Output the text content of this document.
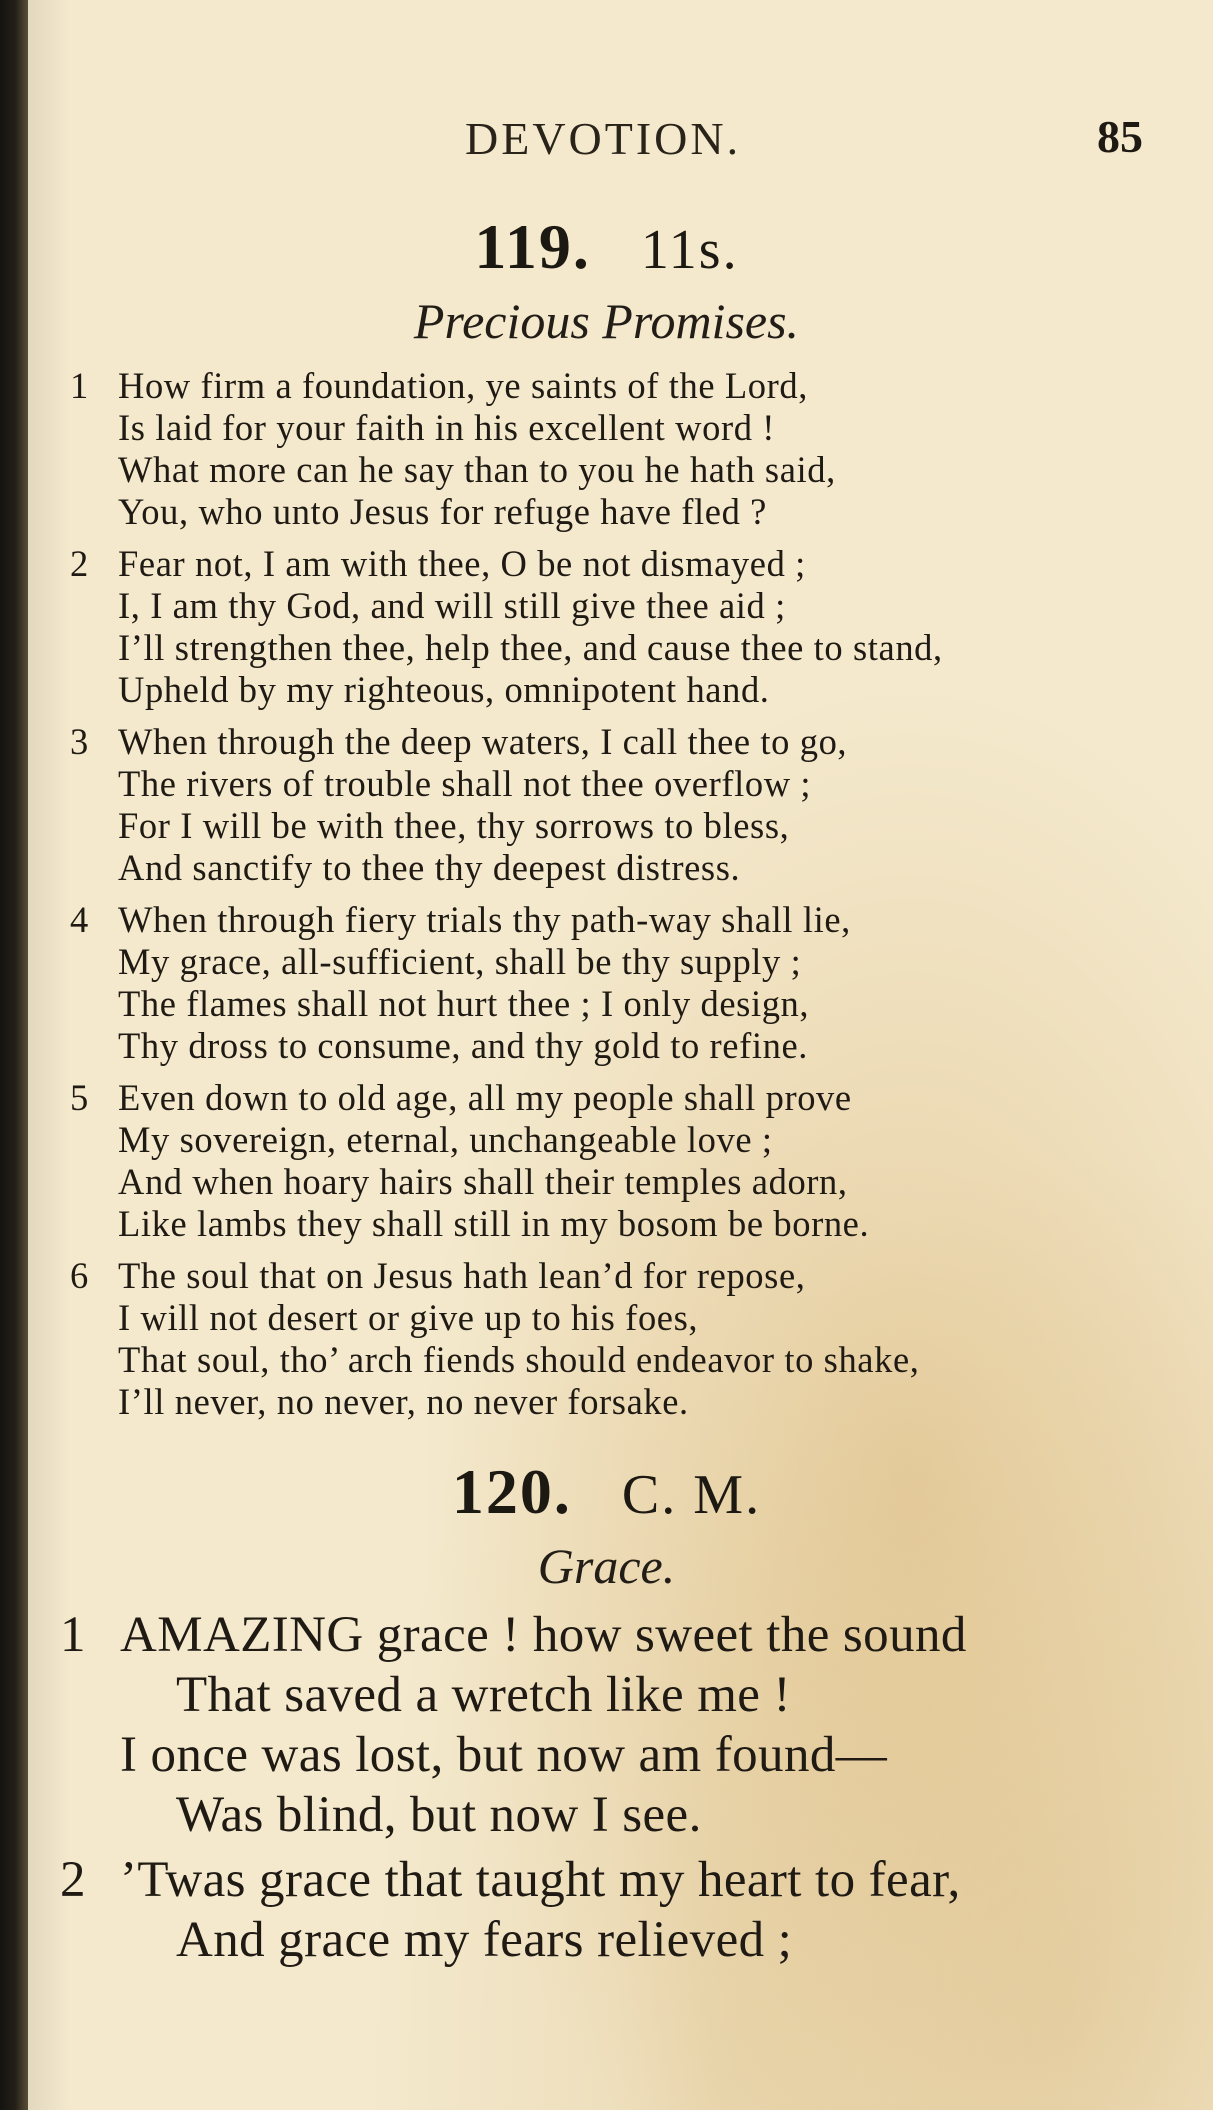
DEVOTION.	85
119. 11s.
Precious Promises.
1 How firm a foundation, ye saints of the Lord,
Is laid for your faith in his excellent word !
What more can he say than to you he hath said,
You, who unto Jesus for refuge have fled ?
2 Fear not, I am with thee, O be not dismayed ;
I, I am thy God, and will still give thee aid ;
I’ll strengthen thee, help thee, and cause thee to stand,
Upheld by my righteous, omnipotent hand.
3 When through the deep waters, I call thee to go,
The rivers of trouble shall not thee overflow ;
For I will be with thee, thy sorrows to bless,
And sanctify to thee thy deepest distress.
4 When through fiery trials thy path-way shall lie,
My grace, all-sufficient, shall be thy supply ;
The flames shall not hurt thee ; I only design,
Thy dross to consume, and thy gold to refine.
5 Even down to old age, all my people shall prove
My sovereign, eternal, unchangeable love ;
And when hoary hairs shall their temples adorn,
Like lambs they shall still in my bosom be borne.
6 The soul that on Jesus hath lean’d for repose,
I will not desert or give up to his foes,
That soul, tho’ arch fiends should endeavor to shake,
I’ll never, no never, no never forsake.
120. C. M.
Grace.
1 AMAZING grace ! how sweet the sound
That saved a wretch like me !
I once was lost, but now am found—
Was blind, but now I see.
2 ’Twas grace that taught my heart to fear,
And grace my fears relieved ;
